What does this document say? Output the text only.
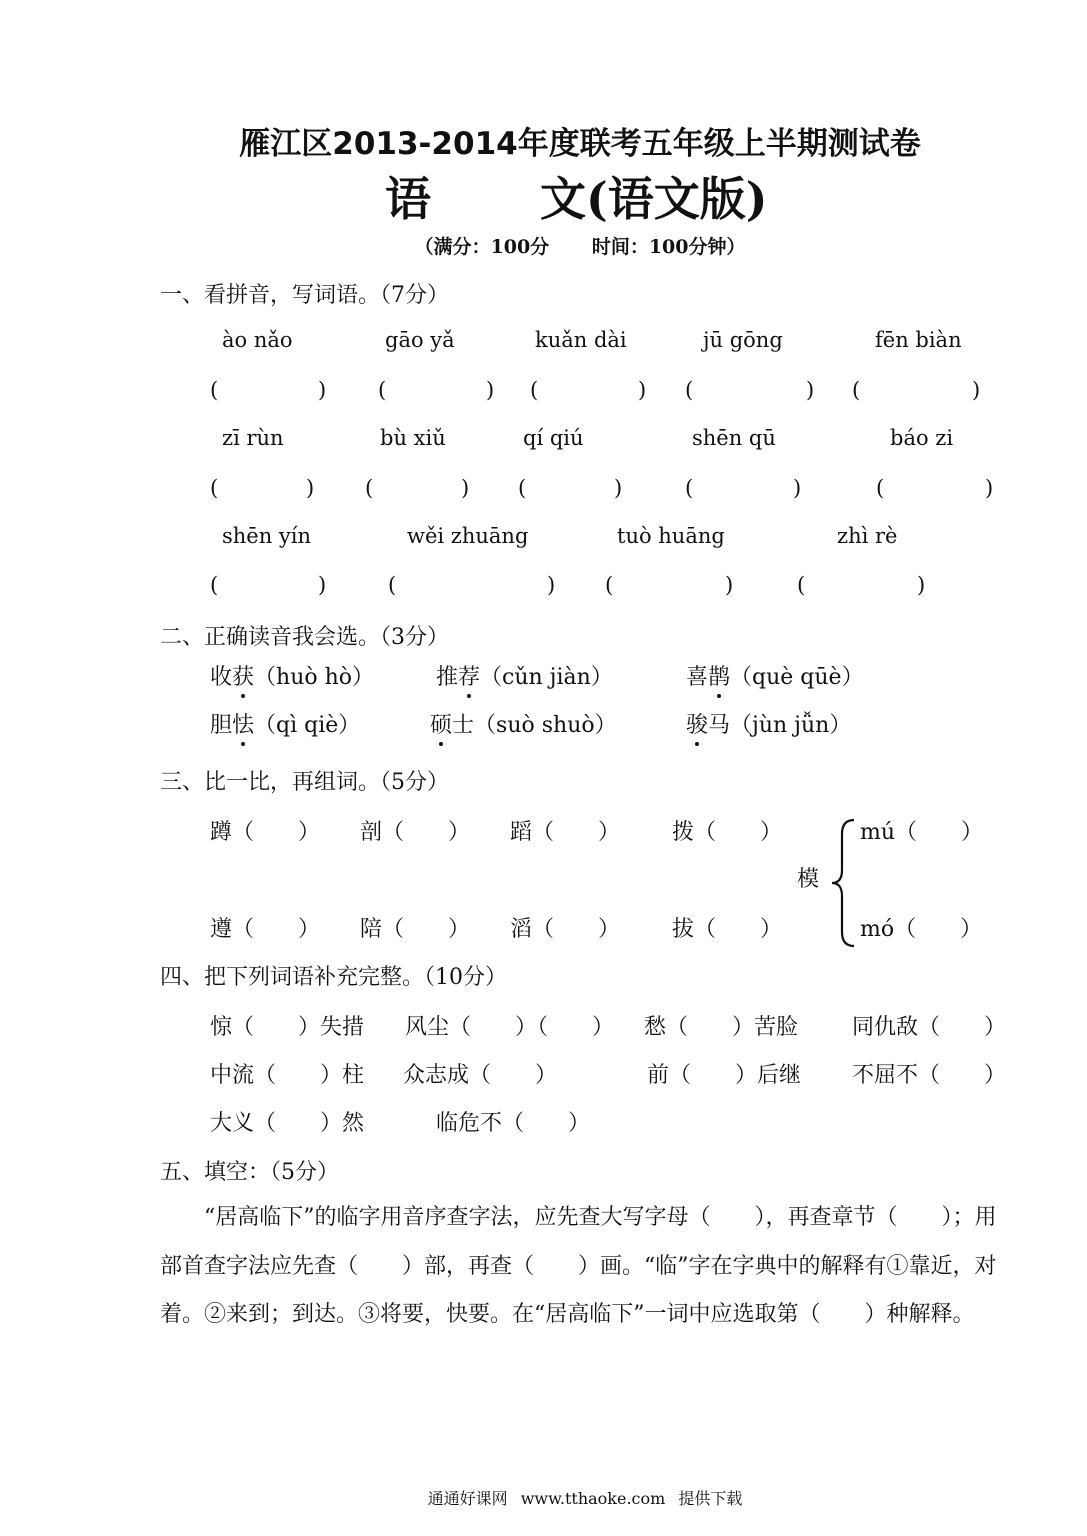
雁江区2013-2014年度联考五年级上半期测试卷
语 文(语文版)
（满分：100分 时间：100分钟）
一、看拼音，写词语。（7分）
ào nǎo	gāo yǎ	kuǎn dài	jū gōng	fēn biàn
(	) (	) (	) (	) (	)
zī rùn	bù xiǔ	qí qiú	shēn qū	báo zi
(	) (	) (	)	(	)	(	)
shēn yín	wěi zhuāng	tuò huāng	zhì rè
(	)	(	) (	)	(	)
二、正确读音我会选。（3分）
收获（huò hò）	推荐（cǔn jiàn）	喜鹊（què qūè）
胆怯（qì qiè）	硕士（suò shuò）	骏马（jùn jǚn）
三、比一比，再组词。（5分）
蹲（　　） 剖（　　） 蹈（　　） 拨（　　）
遵（　　） 陪（　　） 滔（　　） 拔（　　）
模
mú（　　）
mó（　　）
四、把下列词语补充完整。（10分）
惊（　　）失措 风尘（　　）（　　） 愁（　　）苦脸 同仇敌（　　）
中流（　　）柱 众志成（　　）	前（　　）后继 不屈不（　　）
大义（　　）然	临危不（　　）
五、填空：（5分）
　　“居高临下”的临字用音序查字法，应先查大写字母（　　），再查章节（　　）；用部首查字法应先查（　　）部，再查（　　）画。“临”字在字典中的解释有①靠近，对着。②来到；到达。③将要，快要。在“居高临下”一词中应选取第（　　）种解释。
通通好课网 www.tthaoke.com 提供下载
